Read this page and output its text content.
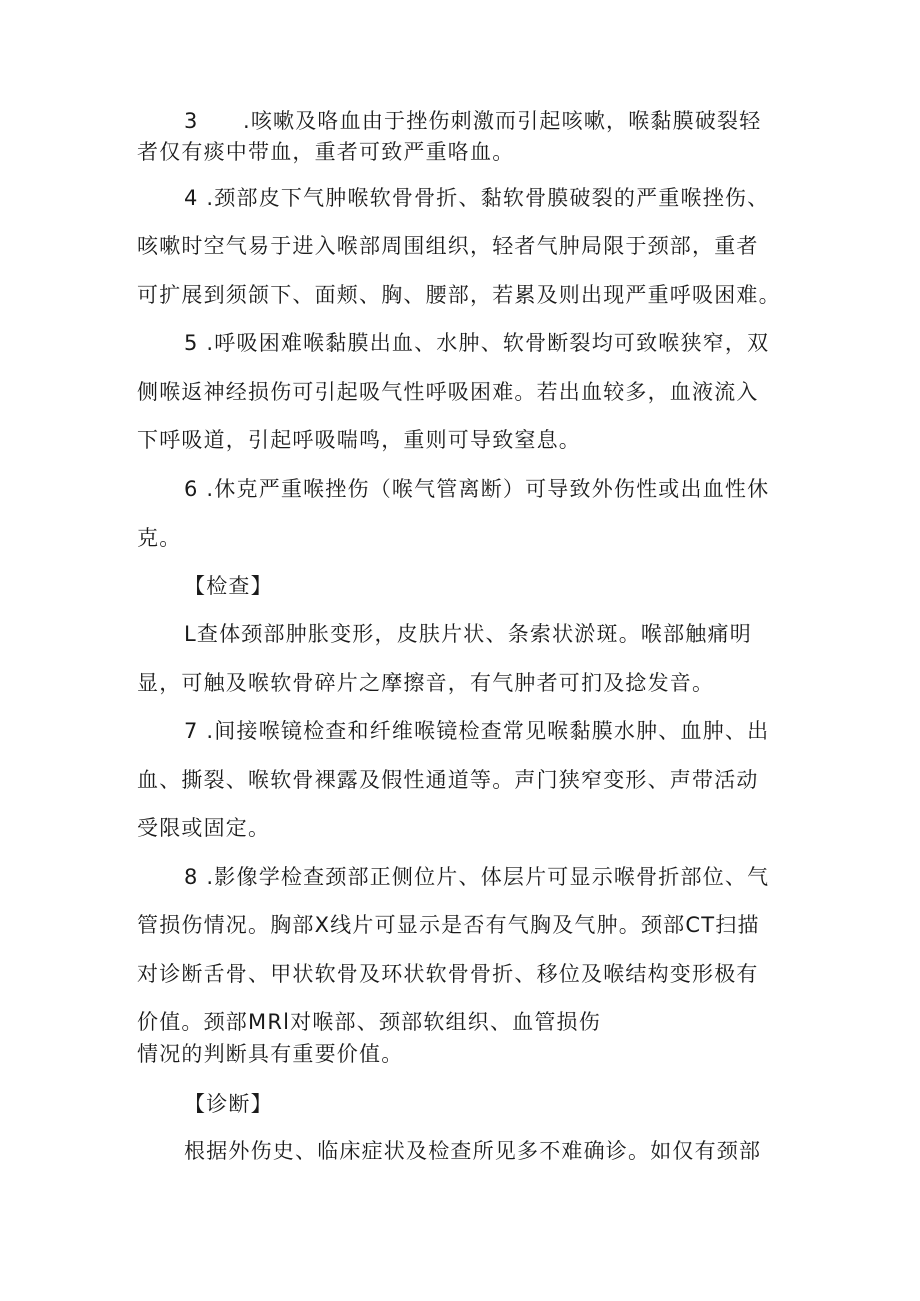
3　　.咳嗽及咯血由于挫伤刺激而引起咳嗽，喉黏膜破裂轻
者仅有痰中带血，重者可致严重咯血。
4 .颈部皮下气肿喉软骨骨折、黏软骨膜破裂的严重喉挫伤、
咳嗽时空气易于进入喉部周围组织，轻者气肿局限于颈部，重者
可扩展到须颌下、面颊、胸、腰部，若累及则出现严重呼吸困难。
5 .呼吸困难喉黏膜出血、水肿、软骨断裂均可致喉狭窄，双
侧喉返神经损伤可引起吸气性呼吸困难。若出血较多，血液流入
下呼吸道，引起呼吸喘鸣，重则可导致窒息。
6 .休克严重喉挫伤（喉气管离断）可导致外伤性或出血性休
克。
【检查】
L查体颈部肿胀变形，皮肤片状、条索状淤斑。喉部触痛明
显，可触及喉软骨碎片之摩擦音，有气肿者可扪及捻发音。
7 .间接喉镜检查和纤维喉镜检查常见喉黏膜水肿、血肿、出
血、撕裂、喉软骨裸露及假性通道等。声门狭窄变形、声带活动
受限或固定。
8 .影像学检查颈部正侧位片、体层片可显示喉骨折部位、气
管损伤情况。胸部X线片可显示是否有气胸及气肿。颈部CT扫描
对诊断舌骨、甲状软骨及环状软骨骨折、移位及喉结构变形极有
价值。颈部MRl对喉部、颈部软组织、血管损伤
情况的判断具有重要价值。
【诊断】
根据外伤史、临床症状及检查所见多不难确诊。如仅有颈部
